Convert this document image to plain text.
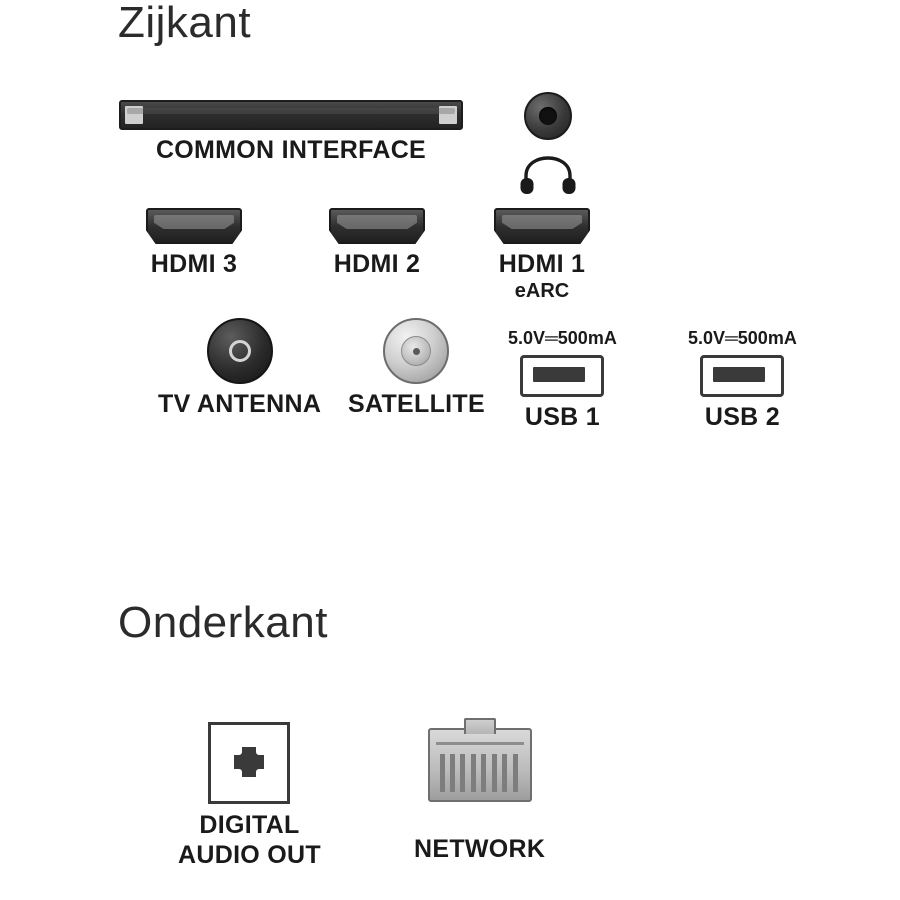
Zijkant
COMMON INTERFACE
HDMI 3	HDMI 2	HDMI 1
eARC
TV ANTENNA SATELLITE
5.0V═500mA
USB 1
5.0V═500mA
USB 2
Onderkant
DIGITAL
AUDIO OUT	NETWORK
